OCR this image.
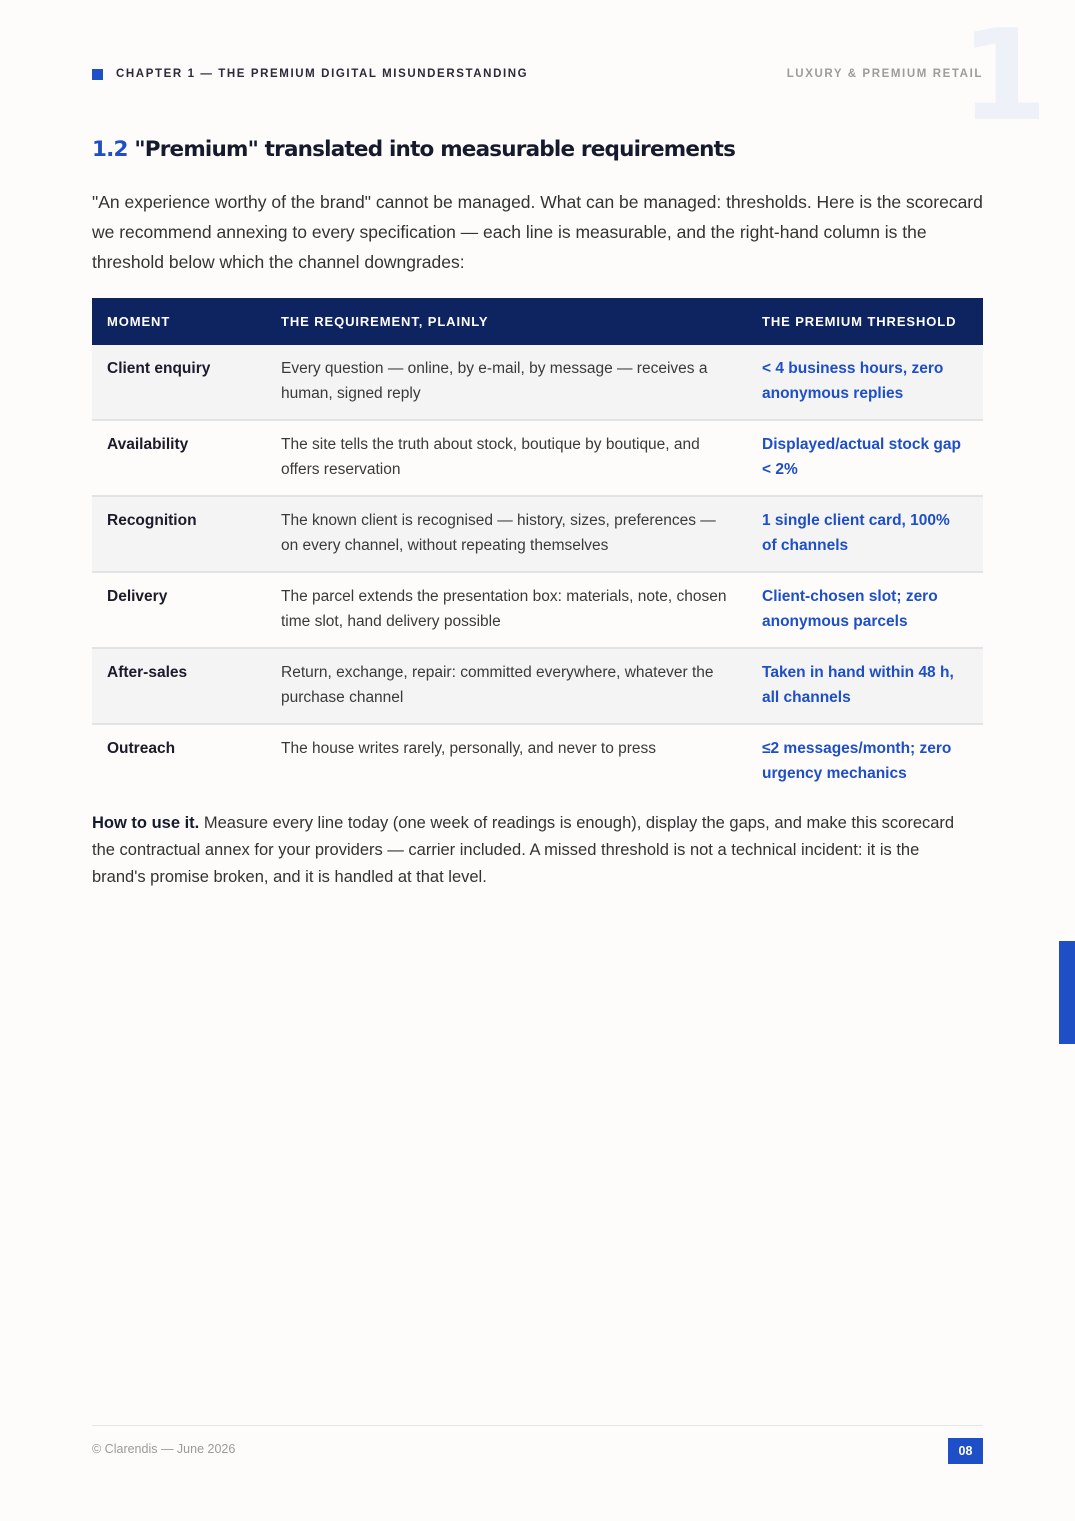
1
CHAPTER 1 — THE PREMIUM DIGITAL MISUNDERSTANDING	LUXURY & PREMIUM RETAIL
1.2 "Premium" translated into measurable requirements

"An experience worthy of the brand" cannot be managed. What can be managed: thresholds. Here is the scorecard we recommend annexing to every specification — each line is measurable, and the right-hand column is the threshold below which the channel downgrades:

MOMENT	THE REQUIREMENT, PLAINLY	THE PREMIUM THRESHOLD
Client enquiry	Every question — online, by e-mail, by message — receives a human, signed reply	< 4 business hours, zero anonymous replies
Availability	The site tells the truth about stock, boutique by boutique, and offers reservation	Displayed/actual stock gap < 2%
Recognition	The known client is recognised — history, sizes, preferences — on every channel, without repeating themselves	1 single client card, 100% of channels
Delivery	The parcel extends the presentation box: materials, note, chosen time slot, hand delivery possible	Client-chosen slot; zero anonymous parcels
After-sales	Return, exchange, repair: committed everywhere, whatever the purchase channel	Taken in hand within 48 h, all channels
Outreach	The house writes rarely, personally, and never to press	≤2 messages/month; zero urgency mechanics

How to use it. Measure every line today (one week of readings is enough), display the gaps, and make this scorecard the contractual annex for your providers — carrier included. A missed threshold is not a technical incident: it is the brand's promise broken, and it is handled at that level.

© Clarendis — June 2026	08
